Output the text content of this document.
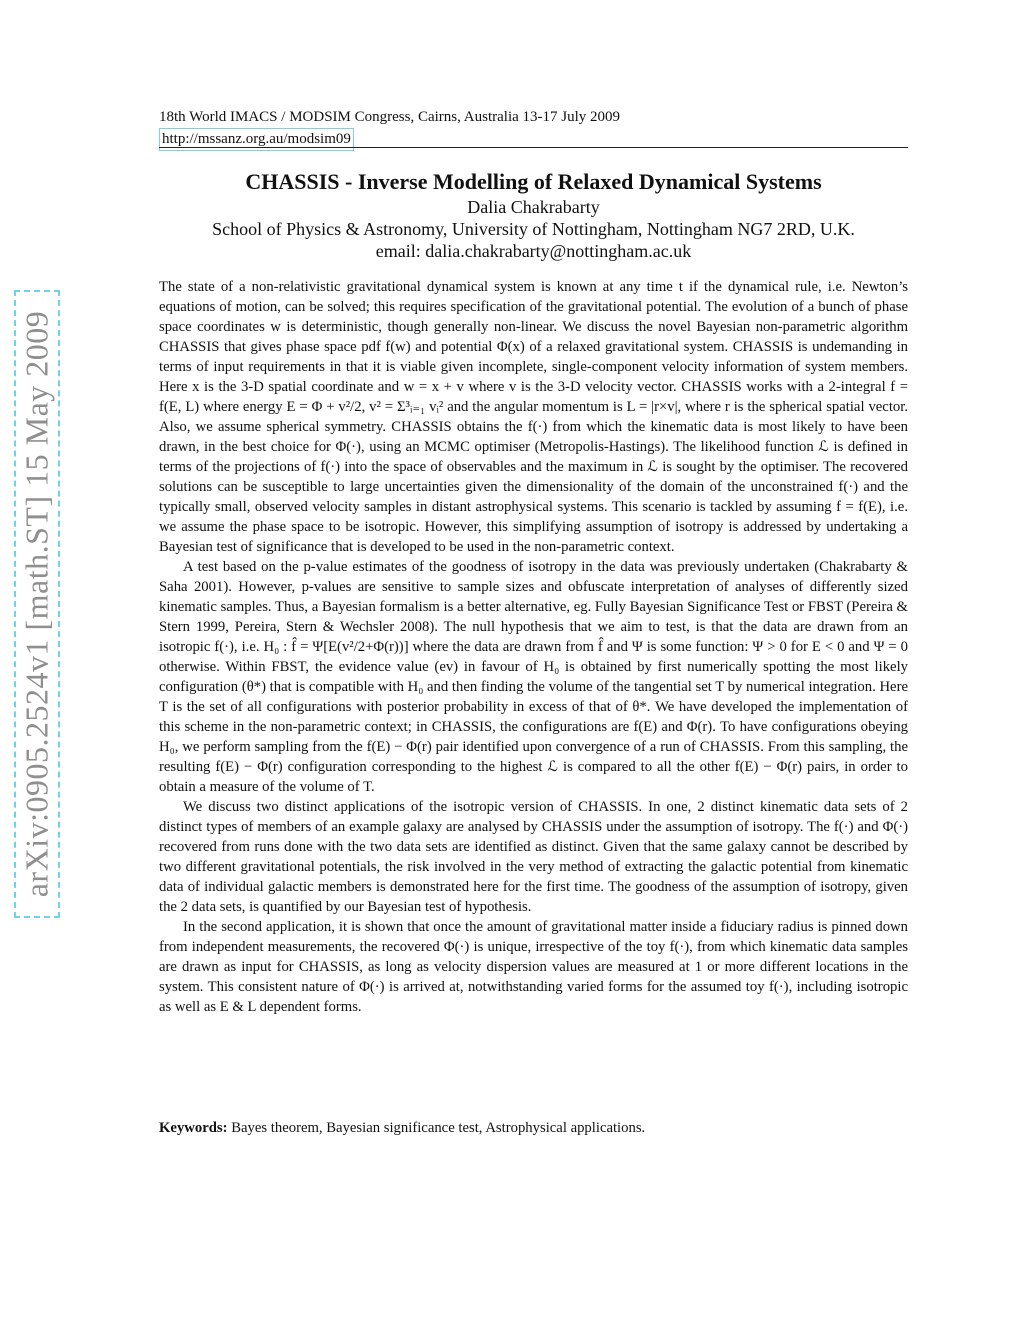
arXiv:0905.2524v1 [math.ST] 15 May 2009
18th World IMACS / MODSIM Congress, Cairns, Australia 13-17 July 2009
http://mssanz.org.au/modsim09
CHASSIS - Inverse Modelling of Relaxed Dynamical Systems
Dalia Chakrabarty
School of Physics & Astronomy, University of Nottingham, Nottingham NG7 2RD, U.K.
email: dalia.chakrabarty@nottingham.ac.uk

The state of a non-relativistic gravitational dynamical system is known at any time t if the dynamical rule, i.e. Newton’s equations of motion, can be solved; this requires specification of the gravitational potential. The evolution of a bunch of phase space coordinates w is deterministic, though generally non-linear. We discuss the novel Bayesian non-parametric algorithm CHASSIS that gives phase space pdf f(w) and potential Φ(x) of a relaxed gravitational system. CHASSIS is undemanding in terms of input requirements in that it is viable given incomplete, single-component velocity information of system members. Here x is the 3-D spatial coordinate and w = x + v where v is the 3-D velocity vector. CHASSIS works with a 2-integral f = f(E, L) where energy E = Φ + v²/2, v² = Σ³ᵢ₌₁ vᵢ² and the angular momentum is L = |r×v|, where r is the spherical spatial vector. Also, we assume spherical symmetry. CHASSIS obtains the f(·) from which the kinematic data is most likely to have been drawn, in the best choice for Φ(·), using an MCMC optimiser (Metropolis-Hastings). The likelihood function ℒ is defined in terms of the projections of f(·) into the space of observables and the maximum in ℒ is sought by the optimiser. The recovered solutions can be susceptible to large uncertainties given the dimensionality of the domain of the unconstrained f(·) and the typically small, observed velocity samples in distant astrophysical systems. This scenario is tackled by assuming f = f(E), i.e. we assume the phase space to be isotropic. However, this simplifying assumption of isotropy is addressed by undertaking a Bayesian test of significance that is developed to be used in the non-parametric context.

A test based on the p-value estimates of the goodness of isotropy in the data was previously undertaken (Chakrabarty & Saha 2001). However, p-values are sensitive to sample sizes and obfuscate interpretation of analyses of differently sized kinematic samples. Thus, a Bayesian formalism is a better alternative, eg. Fully Bayesian Significance Test or FBST (Pereira & Stern 1999, Pereira, Stern & Wechsler 2008). The null hypothesis that we aim to test, is that the data are drawn from an isotropic f(·), i.e. H₀ : f̂ = Ψ[E(v²/2+Φ(r))] where the data are drawn from f̂ and Ψ is some function: Ψ > 0 for E < 0 and Ψ = 0 otherwise. Within FBST, the evidence value (ev) in favour of H₀ is obtained by first numerically spotting the most likely configuration (θ*) that is compatible with H₀ and then finding the volume of the tangential set T by numerical integration. Here T is the set of all configurations with posterior probability in excess of that of θ*. We have developed the implementation of this scheme in the non-parametric context; in CHASSIS, the configurations are f(E) and Φ(r). To have configurations obeying H₀, we perform sampling from the f(E) − Φ(r) pair identified upon convergence of a run of CHASSIS. From this sampling, the resulting f(E) − Φ(r) configuration corresponding to the highest ℒ is compared to all the other f(E) − Φ(r) pairs, in order to obtain a measure of the volume of T.

We discuss two distinct applications of the isotropic version of CHASSIS. In one, 2 distinct kinematic data sets of 2 distinct types of members of an example galaxy are analysed by CHASSIS under the assumption of isotropy. The f(·) and Φ(·) recovered from runs done with the two data sets are identified as distinct. Given that the same galaxy cannot be described by two different gravitational potentials, the risk involved in the very method of extracting the galactic potential from kinematic data of individual galactic members is demonstrated here for the first time. The goodness of the assumption of isotropy, given the 2 data sets, is quantified by our Bayesian test of hypothesis.

In the second application, it is shown that once the amount of gravitational matter inside a fiduciary radius is pinned down from independent measurements, the recovered Φ(·) is unique, irrespective of the toy f(·), from which kinematic data samples are drawn as input for CHASSIS, as long as velocity dispersion values are measured at 1 or more different locations in the system. This consistent nature of Φ(·) is arrived at, notwithstanding varied forms for the assumed toy f(·), including isotropic as well as E & L dependent forms.

Keywords: Bayes theorem, Bayesian significance test, Astrophysical applications.
